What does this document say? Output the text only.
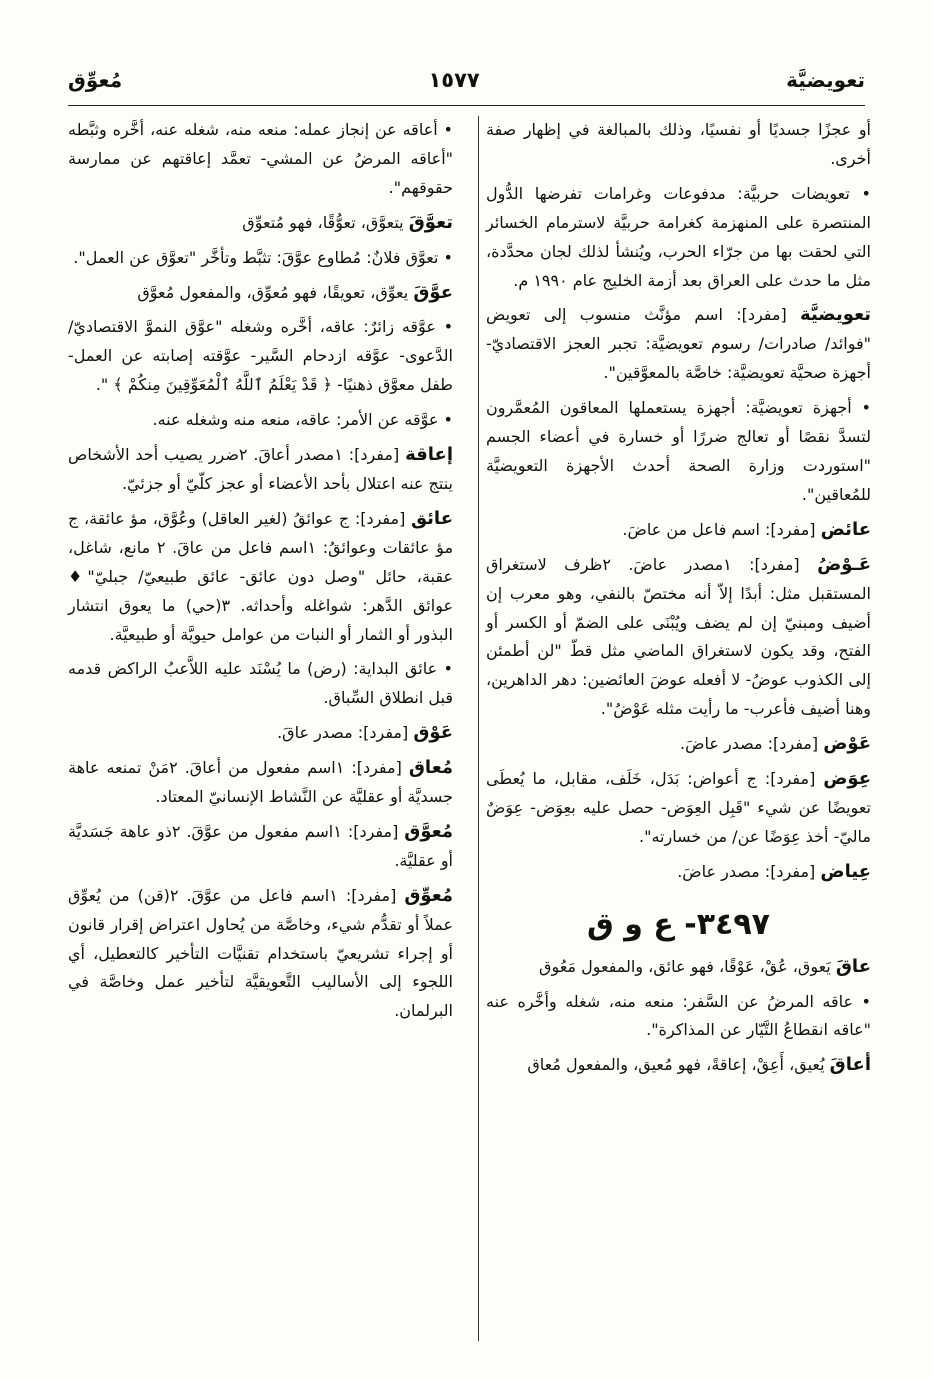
تعويضيَّة
١٥٧٧
مُعوِّق

أو عجزًا جسديًا أو نفسيًا، وذلك بالمبالغة في إظهار صفة أخرى.

• تعويضات حربيَّة: مدفوعات وغرامات تفرضها الدُّول المنتصرة على المنهزمة كغرامة حربيَّة لاسترمام الخسائر التي لحقت بها من جرّاء الحرب، ويُنشأ لذلك لجان محدَّدة، مثل ما حدث على العراق بعد أزمة الخليج عام ١٩٩٠ م.

تعويضيَّة [مفرد]: اسم مؤنَّث منسوب إلى تعويض "فوائد/ صادرات/ رسوم تعويضيَّة: تجبر العجز الاقتصاديّ- أجهزة صحيَّة تعويضيَّة: خاصَّة بالمعوَّقين".

• أجهزة تعويضيَّة: أجهزة يستعملها المعاقون المُعمَّرون لتسدَّ نقصًا أو تعالج ضررًا أو خسارة في أعضاء الجسم "استوردت وزارة الصحة أحدث الأجهزة التعويضيَّة للمُعاقين".

عائض [مفرد]: اسم فاعل من عاضَ.

عَـوْضُ [مفرد]: ١مصدر عاضَ. ٢ظرف لاستغراق المستقبل مثل: أبدًا إلاّ أنه مختصّ بالنفي، وهو معرب إن أضيف ومبنيّ إن لم يضف ويُبْنَى على الضمّ أو الكسر أو الفتح، وقد يكون لاستغراق الماضي مثل قطّ "لن أطمئن إلى الكذوب عوضُ- لا أفعله عوضَ العائضين: دهر الداهرين، وهنا أضيف فأعرب- ما رأيت مثله عَوْضُ".

عَوْض [مفرد]: مصدر عاضَ.

عِوَض [مفرد]: ج أعواض: بَدَل، خَلَف، مقابل، ما يُعطَى تعويضًا عن شيء "قَبِل العِوَض- حصل عليه بعِوَض- عِوَضٌ ماليّ- أخذ عِوَضًا عن/ من خسارته".

عِياض [مفرد]: مصدر عاضَ.

٣٤٩٧- ع و ق

عاقَ يَعوق، عُقْ، عَوْقًا، فهو عائق، والمفعول مَعُوق

• عاقه المرضُ عن السَّفر: منعه منه، شغله وأخَّره عنه "عاقه انقطاعُ التَّيّار عن المذاكرة".

أعاقَ يُعيق، أَعِقْ، إعاقةً، فهو مُعيق، والمفعول مُعاق

• أعاقه عن إنجاز عمله: منعه منه، شغله عنه، أخَّره وثبَّطه "أعاقه المرضُ عن المشي- تعمَّد إعاقتهم عن ممارسة حقوقهم".

تعوَّقَ يتعوَّق، تعوُّقًا، فهو مُتعوِّق

• تعوَّق فلانٌ: مُطاوع عوَّقَ: تثبَّط وتأخَّر "تعوَّق عن العمل".

عوَّقَ يعوِّق، تعويقًا، فهو مُعوِّق، والمفعول مُعوَّق

• عوَّقه زائرٌ: عاقه، أخَّره وشغله "عوَّق النموَّ الاقتصاديّ/ الدَّعوى- عوَّقه ازدحام السَّير- عوَّقته إصابته عن العمل- طفل معوَّق ذهنيًا- ﴿ قَدْ يَعْلَمُ ٱللَّهُ ٱلْمُعَوِّقِينَ مِنكُمْ ﴾ ".

• عوَّقه عن الأمر: عاقه، منعه منه وشغله عنه.

إعاقة [مفرد]: ١مصدر أعاقَ. ٢ضرر يصيب أحد الأشخاص ينتج عنه اعتلال بأحد الأعضاء أو عجز كلّيّ أو جزئيّ.

عائق [مفرد]: ج عوائقُ (لغير العاقل) وعُوَّق، مؤ عائقة، ج مؤ عائقات وعوائقُ: ١اسم فاعل من عاقَ. ٢ مانع، شاغل، عقبة، حائل "وصل دون عائق- عائق طبيعيّ/ جبليّ"♦ عوائق الدَّهر: شواغله وأحداثه. ٣(حي) ما يعوق انتشار البذور أو الثمار أو النبات من عوامل حيويَّة أو طبيعيَّة.

• عائق البداية: (رض) ما يُسْنَد عليه اللاَّعبُ الراكض قدمه قبل انطلاق السِّباق.

عَوْق [مفرد]: مصدر عاقَ.

مُعاق [مفرد]: ١اسم مفعول من أعاقَ. ٢مَنْ تمنعه عاهة جسديَّة أو عقليَّة عن النَّشاط الإنسانيّ المعتاد.

مُعوَّق [مفرد]: ١اسم مفعول من عوَّقَ. ٢ذو عاهة جَسَديَّة أو عقليَّة.

مُعوِّق [مفرد]: ١اسم فاعل من عوَّقَ. ٢(قن) من يُعوِّق عملاً أو تقدُّم شيء، وخاصَّة من يُحاول اعتراض إقرار قانون أو إجراء تشريعيّ باستخدام تقنيَّات التأخير كالتعطيل، أي اللجوء إلى الأساليب التَّعويقيَّة لتأخير عمل وخاصَّة في البرلمان.
